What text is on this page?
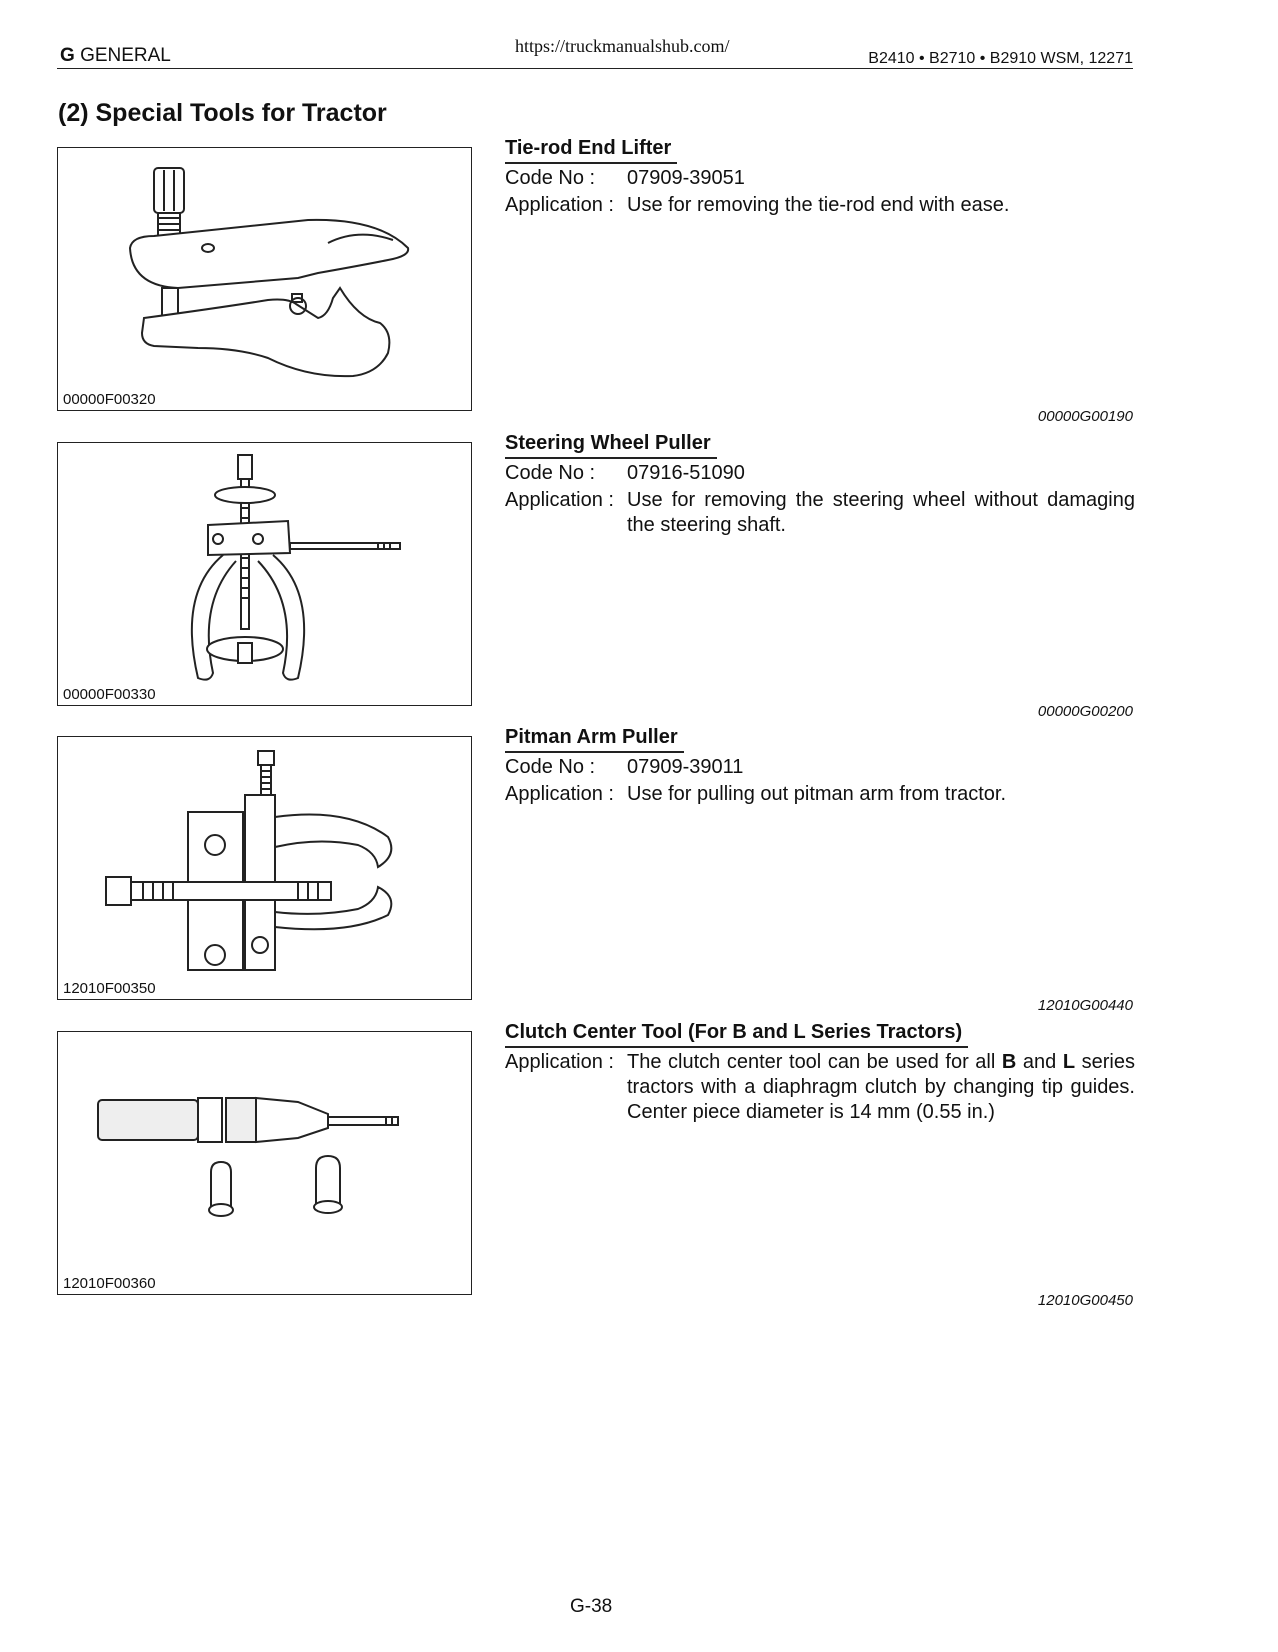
G GENERAL	https://truckmanualshub.com/
B2410 • B2710 • B2910 WSM, 12271
(2) Special Tools for Tractor
00000F00320
Tie-rod End Lifter
Code No :	07909-39051
Application : Use for removing the tie-rod end with ease.
00000G00190
00000F00330
Steering Wheel Puller
Code No :	07916-51090
Application : Use for removing the steering wheel without damaging the steering shaft.
00000G00200
12010F00350
Pitman Arm Puller
Code No :	07909-39011
Application : Use for pulling out pitman arm from tractor.
12010G00440
12010F00360
Clutch Center Tool (For B and L Series Tractors)
Application : The clutch center tool can be used for all B and L series tractors with a diaphragm clutch by changing tip guides. Center piece diameter is 14 mm (0.55 in.)
12010G00450
G-38
